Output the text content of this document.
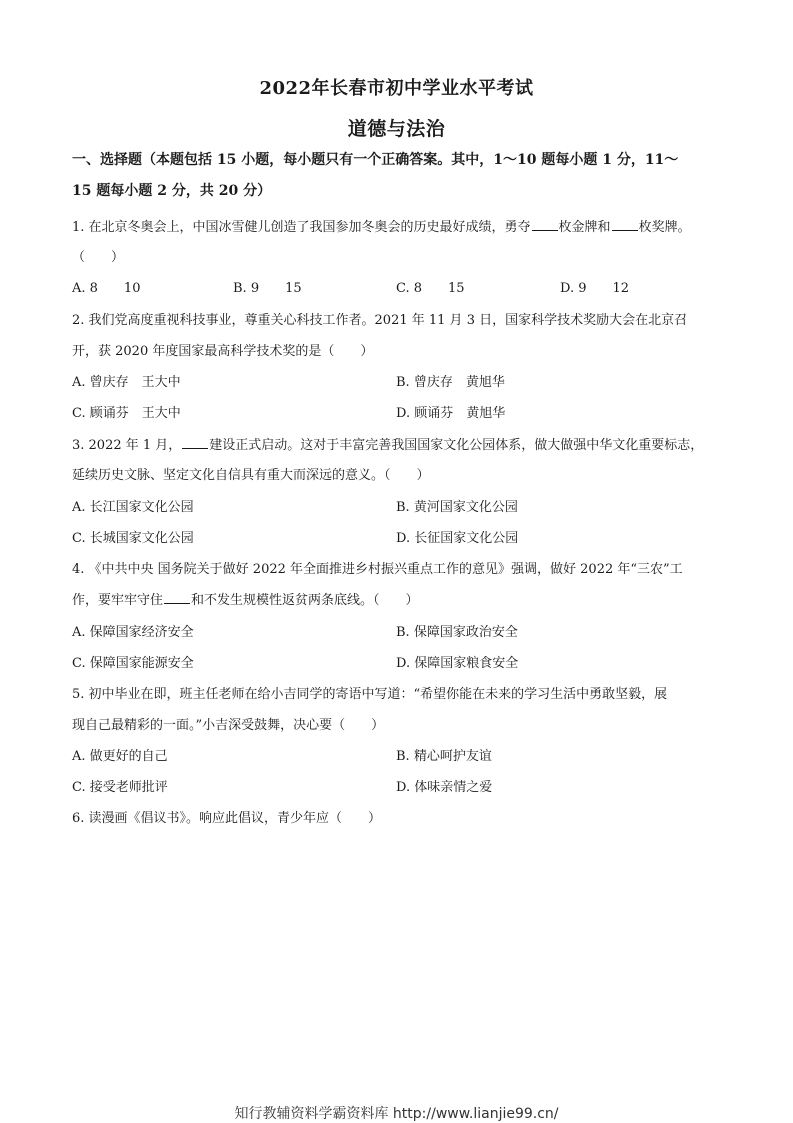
2022年长春市初中学业水平考试
道德与法治
一、选择题（本题包括 15 小题，每小题只有一个正确答案。其中，1～10 题每小题 1 分，11～
15 题每小题 2 分，共 20 分）
1. 在北京冬奥会上，中国冰雪健儿创造了我国参加冬奥会的历史最好成绩，勇夺 枚金牌和 枚奖牌。
（　　）
A. 8　　10	B. 9　　15	C. 8　　15	D. 9　　12
2. 我们党高度重视科技事业，尊重关心科技工作者。2021 年 11 月 3 日，国家科学技术奖励大会在北京召
开，获 2020 年度国家最高科学技术奖的是（　　）
A. 曾庆存　王大中	B. 曾庆存　黄旭华
C. 顾诵芬　王大中	D. 顾诵芬　黄旭华
3. 2022 年 1 月， 建设正式启动。这对于丰富完善我国国家文化公园体系，做大做强中华文化重要标志，
延续历史文脉、坚定文化自信具有重大而深远的意义。（　　）
A. 长江国家文化公园	B. 黄河国家文化公园
C. 长城国家文化公园	D. 长征国家文化公园
4. 《中共中央 国务院关于做好 2022 年全面推进乡村振兴重点工作的意见》强调，做好 2022 年“三农”工
作，要牢牢守住 和不发生规模性返贫两条底线。（　　）
A. 保障国家经济安全	B. 保障国家政治安全
C. 保障国家能源安全	D. 保障国家粮食安全
5. 初中毕业在即，班主任老师在给小吉同学的寄语中写道：“希望你能在未来的学习生活中勇敢坚毅，展
现自己最精彩的一面。”小吉深受鼓舞，决心要（　　）
A. 做更好的自己	B. 精心呵护友谊
C. 接受老师批评	D. 体味亲情之爱
6. 读漫画《倡议书》。响应此倡议，青少年应（　　）
知行教辅资料学霸资料库 http://www.lianjie99.cn/
